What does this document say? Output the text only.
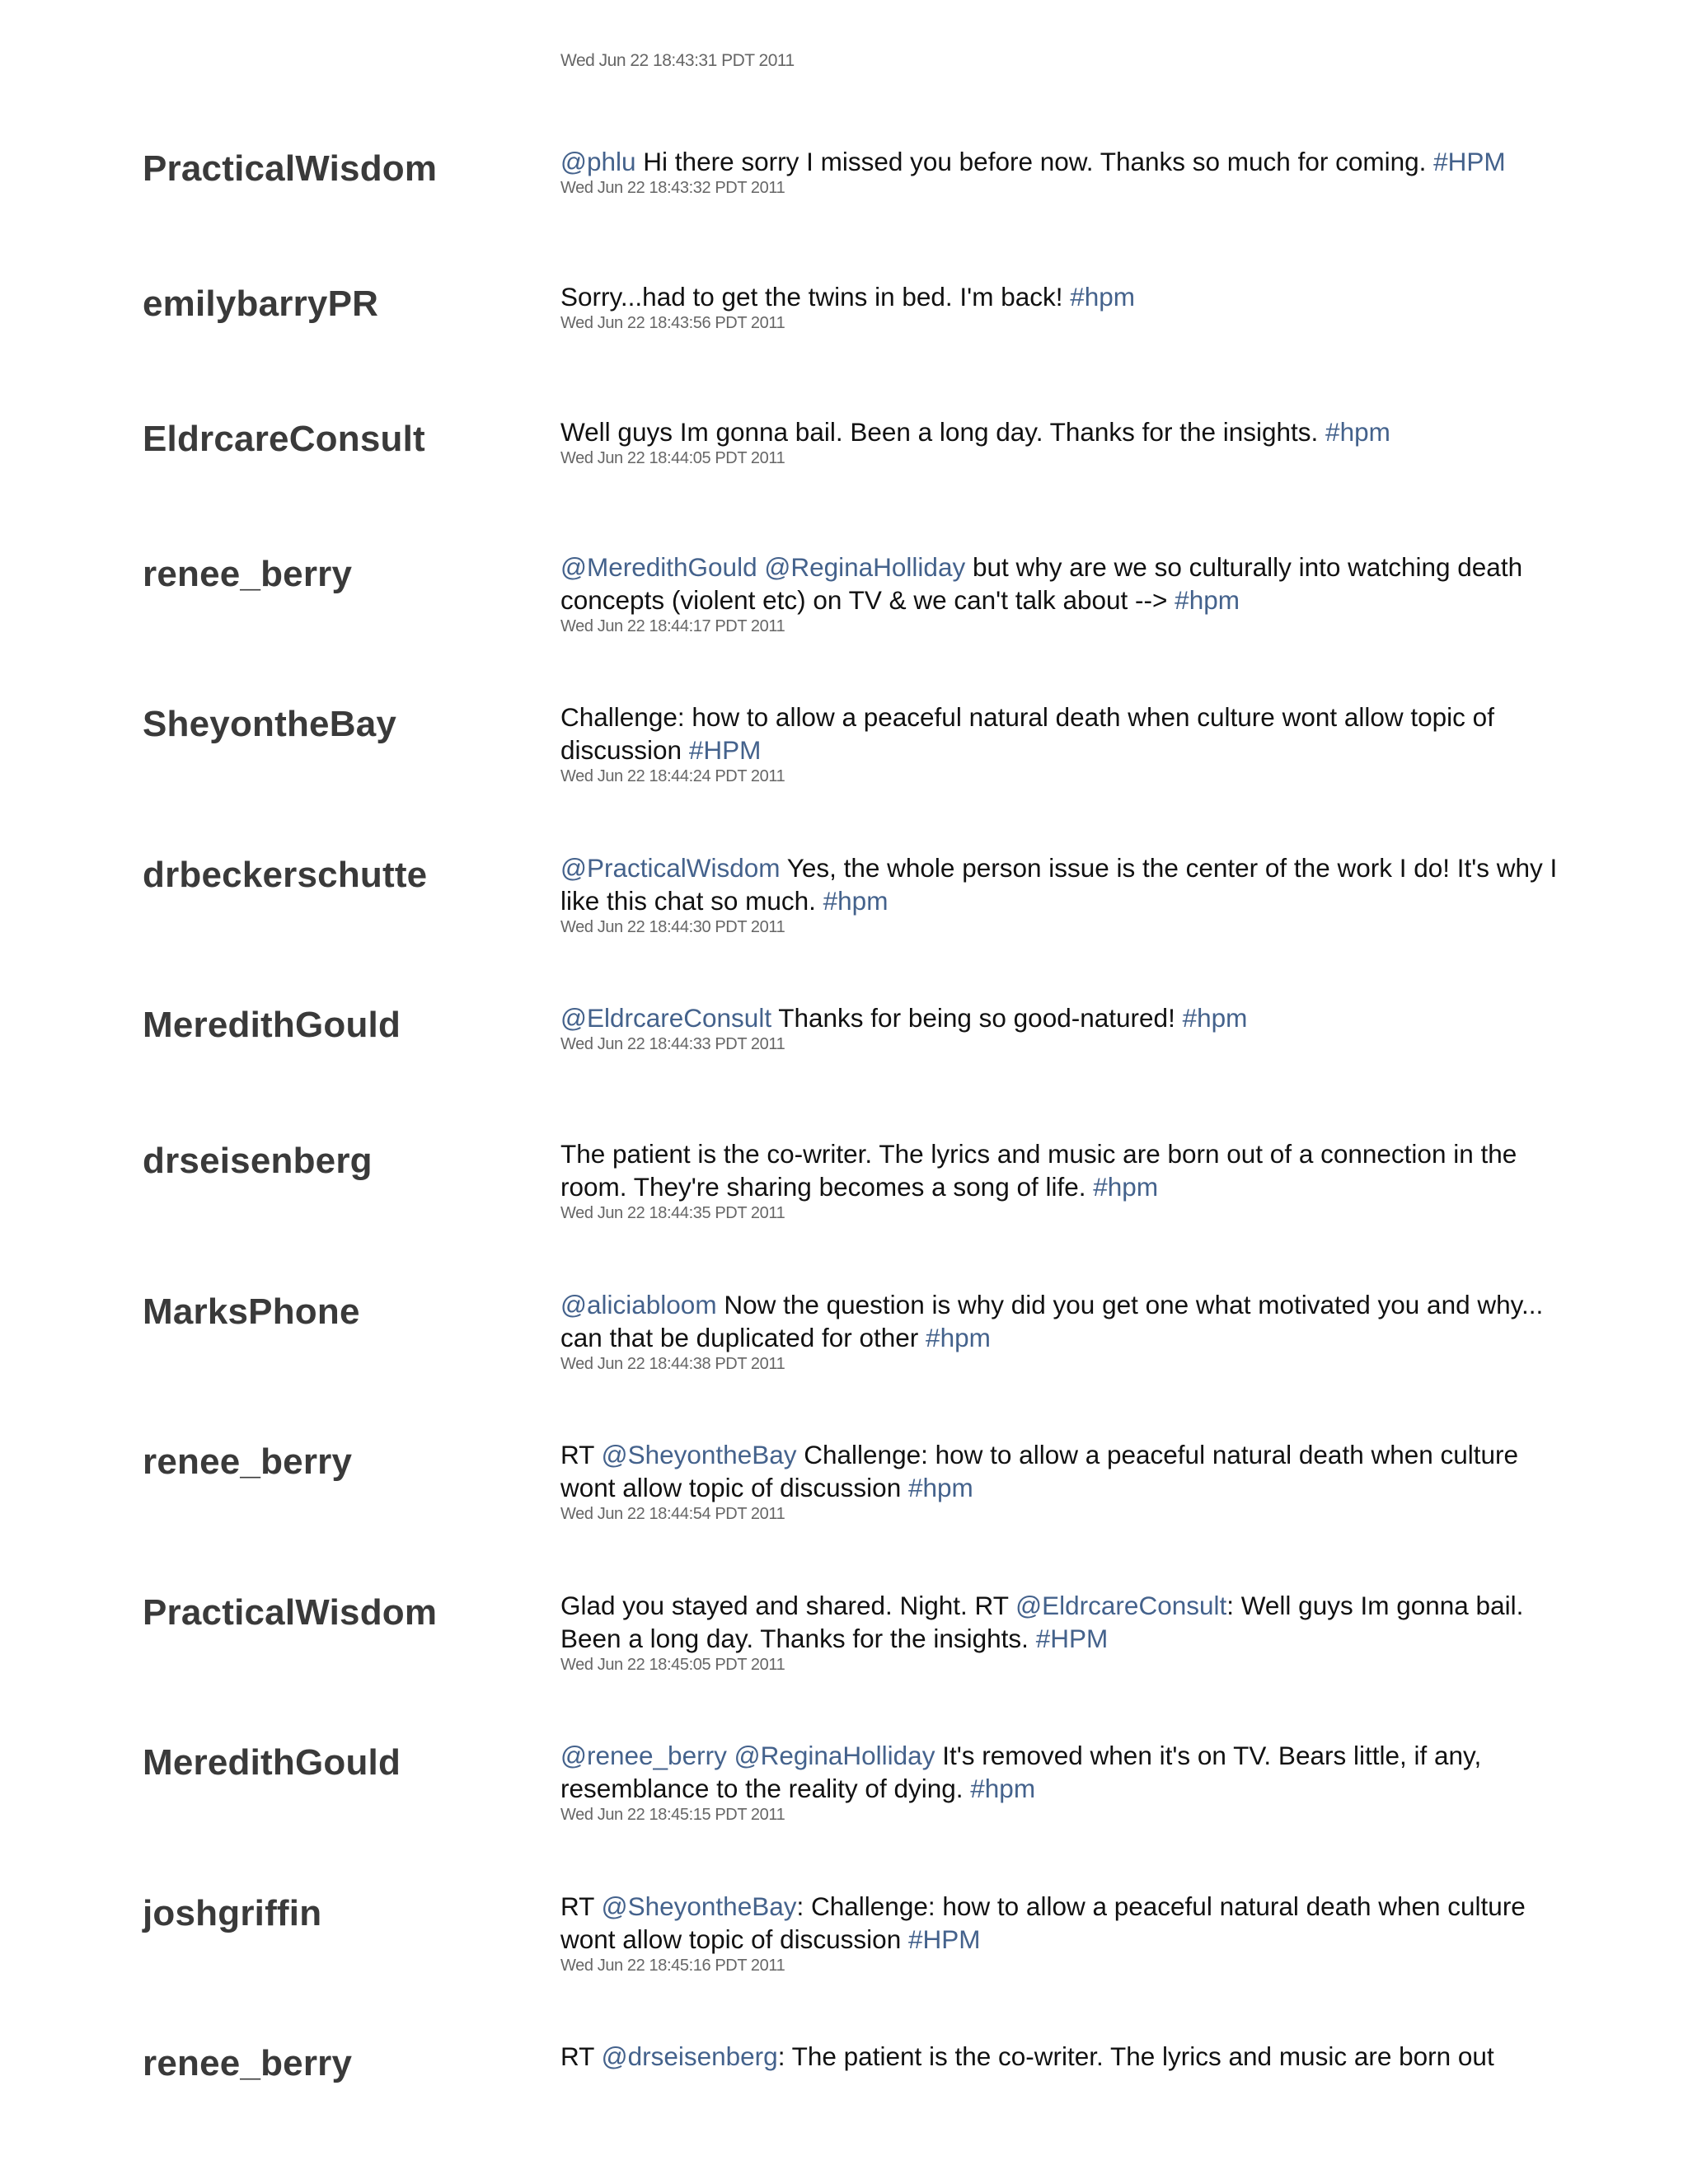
Wed Jun 22 18:43:31 PDT 2011
PracticalWisdom	@phlu Hi there sorry I missed you before now. Thanks so much for coming. #HPM

Wed Jun 22 18:43:32 PDT 2011

emilybarryPR	Sorry...had to get the twins in bed. I'm back! #hpm

Wed Jun 22 18:43:56 PDT 2011

EldrcareConsult	Well guys Im gonna bail. Been a long day. Thanks for the insights. #hpm

Wed Jun 22 18:44:05 PDT 2011

renee_berry	@MeredithGould @ReginaHolliday but why are we so culturally into watching death concepts (violent etc) on TV & we can't talk about --> #hpm

Wed Jun 22 18:44:17 PDT 2011

SheyontheBay	Challenge: how to allow a peaceful natural death when culture wont allow topic of discussion #HPM

Wed Jun 22 18:44:24 PDT 2011

drbeckerschutte	@PracticalWisdom Yes, the whole person issue is the center of the work I do! It's why I like this chat so much. #hpm

Wed Jun 22 18:44:30 PDT 2011

MeredithGould	@EldrcareConsult Thanks for being so good-natured! #hpm

Wed Jun 22 18:44:33 PDT 2011

drseisenberg	The patient is the co-writer. The lyrics and music are born out of a connection in the room. They're sharing becomes a song of life. #hpm

Wed Jun 22 18:44:35 PDT 2011

MarksPhone	@aliciabloom Now the question is why did you get one what motivated you and why... can that be duplicated for other #hpm

Wed Jun 22 18:44:38 PDT 2011

renee_berry	RT @SheyontheBay Challenge: how to allow a peaceful natural death when culture wont allow topic of discussion #hpm

Wed Jun 22 18:44:54 PDT 2011

PracticalWisdom	Glad you stayed and shared. Night. RT @EldrcareConsult: Well guys Im gonna bail. Been a long day. Thanks for the insights. #HPM

Wed Jun 22 18:45:05 PDT 2011

MeredithGould	@renee_berry @ReginaHolliday It's removed when it's on TV. Bears little, if any, resemblance to the reality of dying. #hpm

Wed Jun 22 18:45:15 PDT 2011

joshgriffin	RT @SheyontheBay: Challenge: how to allow a peaceful natural death when culture wont allow topic of discussion #HPM

Wed Jun 22 18:45:16 PDT 2011

renee_berry	RT @drseisenberg: The patient is the co-writer. The lyrics and music are born out
